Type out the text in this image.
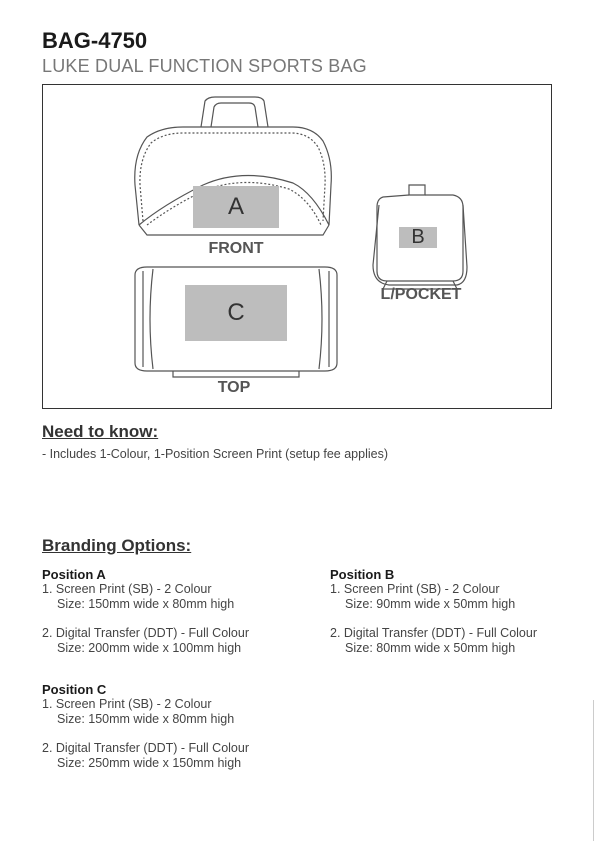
BAG-4750
LUKE DUAL FUNCTION SPORTS BAG
A
FRONT
B
L/POCKET
C
TOP
Need to know:
- Includes 1-Colour, 1-Position Screen Print (setup fee applies)
Branding Options:
Position A
1. Screen Print (SB) - 2 Colour
Size: 150mm wide x 80mm high
2. Digital Transfer (DDT) - Full Colour
Size: 200mm wide x 100mm high
Position B
1. Screen Print (SB) - 2 Colour
Size: 90mm wide x 50mm high
2. Digital Transfer (DDT) - Full Colour
Size: 80mm wide x 50mm high
Position C
1. Screen Print (SB) - 2 Colour
Size: 150mm wide x 80mm high
2. Digital Transfer (DDT) - Full Colour
Size: 250mm wide x 150mm high
